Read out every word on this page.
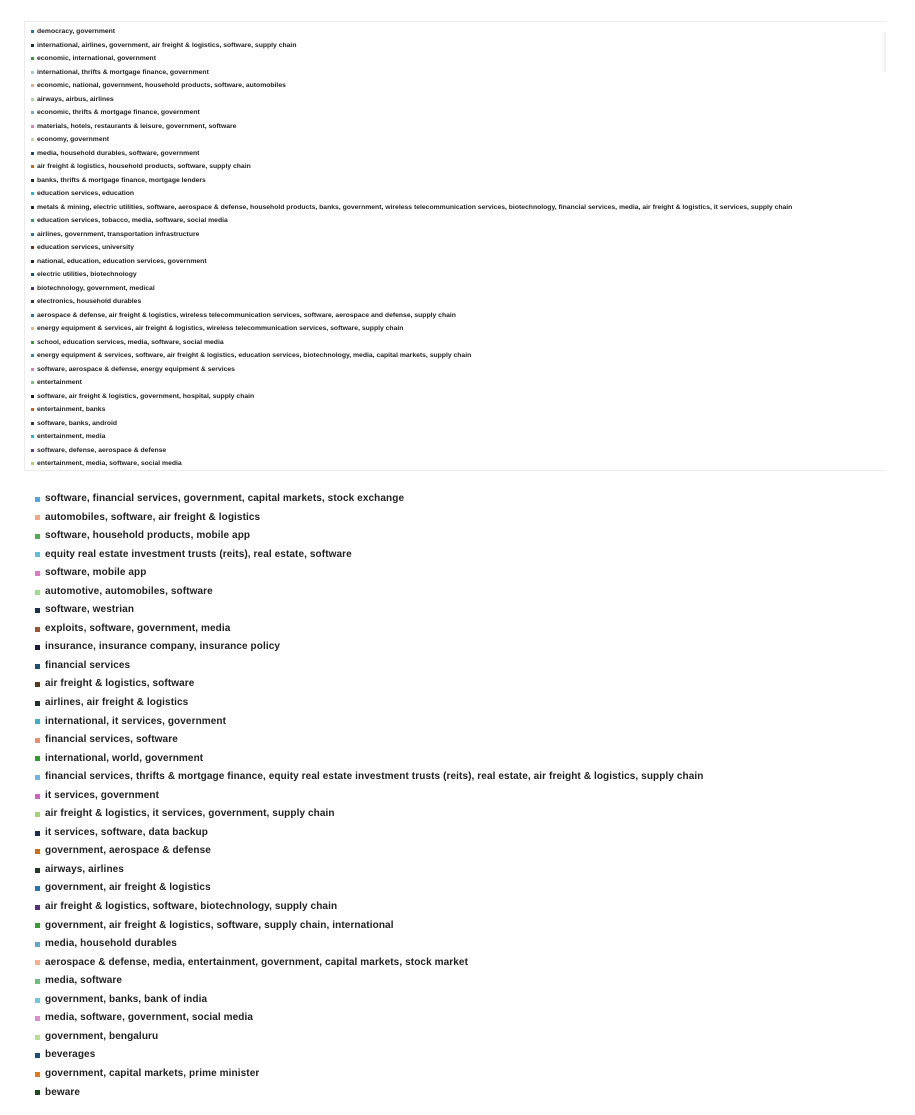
democracy, government
international, airlines, government, air freight & logistics, software, supply chain
economic, international, government
international, thrifts & mortgage finance, government
economic, national, government, household products, software, automobiles
airways, airbus, airlines
economic, thrifts & mortgage finance, government
materials, hotels, restaurants & leisure, government, software
economy, government
media, household durables, software, government
air freight & logistics, household products, software, supply chain
banks, thrifts & mortgage finance, mortgage lenders
education services, education
metals & mining, electric utilities, software, aerospace & defense, household products, banks, government, wireless telecommunication services, biotechnology, financial services, media, air freight & logistics, it services, supply chain
education services, tobacco, media, software, social media
airlines, government, transportation infrastructure
education services, university
national, education, education services, government
electric utilities, biotechnology
biotechnology, government, medical
electronics, household durables
aerospace & defense, air freight & logistics, wireless telecommunication services, software, aerospace and defense, supply chain
energy equipment & services, air freight & logistics, wireless telecommunication services, software, supply chain
school, education services, media, software, social media
energy equipment & services, software, air freight & logistics, education services, biotechnology, media, capital markets, supply chain
software, aerospace & defense, energy equipment & services
entertainment
software, air freight & logistics, government, hospital, supply chain
entertainment, banks
software, banks, android
entertainment, media
software, defense, aerospace & defense
entertainment, media, software, social media
software, financial services, government, capital markets, stock exchange
automobiles, software, air freight & logistics
software, household products, mobile app
equity real estate investment trusts (reits), real estate, software
software, mobile app
automotive, automobiles, software
software, westrian
exploits, software, government, media
insurance, insurance company, insurance policy
financial services
air freight & logistics, software
airlines, air freight & logistics
international, it services, government
financial services, software
international, world, government
financial services, thrifts & mortgage finance, equity real estate investment trusts (reits), real estate, air freight & logistics, supply chain
it services, government
air freight & logistics, it services, government, supply chain
it services, software, data backup
government, aerospace & defense
airways, airlines
government, air freight & logistics
air freight & logistics, software, biotechnology, supply chain
government, air freight & logistics, software, supply chain, international
media, household durables
aerospace & defense, media, entertainment, government, capital markets, stock market
media, software
government, banks, bank of india
media, software, government, social media
government, bengaluru
beverages
government, capital markets, prime minister
beware
